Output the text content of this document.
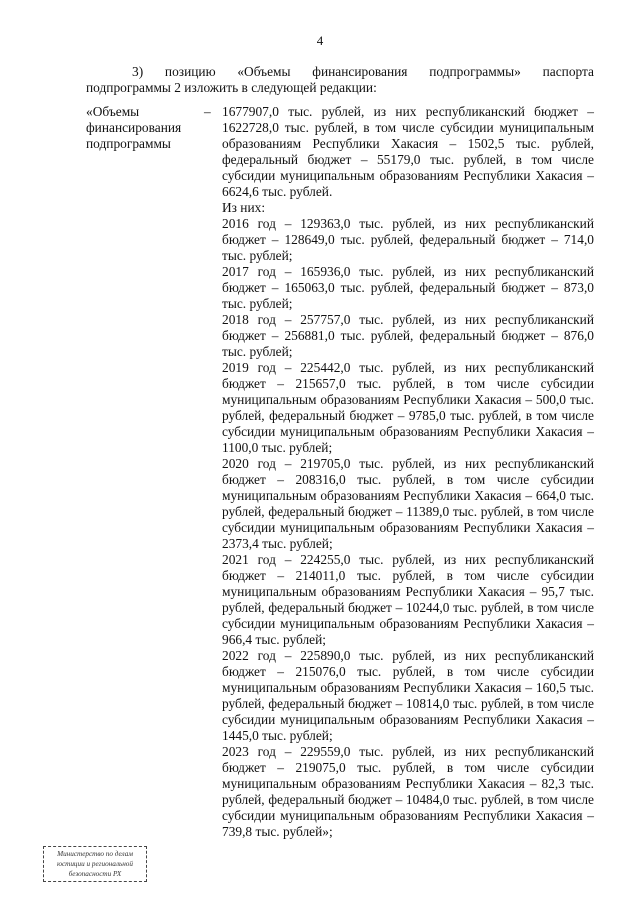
4
3) позицию «Объемы финансирования подпрограммы» паспорта
подпрограммы 2 изложить в следующей редакции:
«Объемы
финансирования
подпрограммы
– 1677907,0 тыс. рублей, из них республиканский бюджет – 1622728,0 тыс. рублей, в том числе субсидии муниципальным образованиям Республики Хакасия – 1502,5 тыс. рублей, федеральный бюджет – 55179,0 тыс. рублей, в том числе субсидии муниципальным образованиям Республики Хакасия – 6624,6 тыс. рублей.

Из них:

2016 год – 129363,0 тыс. рублей, из них республиканский бюджет – 128649,0 тыс. рублей, федеральный бюджет – 714,0 тыс. рублей;

2017 год – 165936,0 тыс. рублей, из них республиканский бюджет – 165063,0 тыс. рублей, федеральный бюджет – 873,0 тыс. рублей;

2018 год – 257757,0 тыс. рублей, из них республиканский бюджет – 256881,0 тыс. рублей, федеральный бюджет – 876,0 тыс. рублей;

2019 год – 225442,0 тыс. рублей, из них республиканский бюджет – 215657,0 тыс. рублей, в том числе субсидии муниципальным образованиям Республики Хакасия – 500,0 тыс. рублей, федеральный бюджет – 9785,0 тыс. рублей, в том числе субсидии муниципальным образованиям Республики Хакасия – 1100,0 тыс. рублей;

2020 год – 219705,0 тыс. рублей, из них республиканский бюджет – 208316,0 тыс. рублей, в том числе субсидии муниципальным образованиям Республики Хакасия – 664,0 тыс. рублей, федеральный бюджет – 11389,0 тыс. рублей, в том числе субсидии муниципальным образованиям Республики Хакасия – 2373,4 тыс. рублей;

2021 год – 224255,0 тыс. рублей, из них республиканский бюджет – 214011,0 тыс. рублей, в том числе субсидии муниципальным образованиям Республики Хакасия – 95,7 тыс. рублей, федеральный бюджет – 10244,0 тыс. рублей, в том числе субсидии муниципальным образованиям Республики Хакасия – 966,4 тыс. рублей;

2022 год – 225890,0 тыс. рублей, из них республиканский бюджет – 215076,0 тыс. рублей, в том числе субсидии муниципальным образованиям Республики Хакасия – 160,5 тыс. рублей, федеральный бюджет – 10814,0 тыс. рублей, в том числе субсидии муниципальным образованиям Республики Хакасия – 1445,0 тыс. рублей;

2023 год – 229559,0 тыс. рублей, из них республиканский бюджет – 219075,0 тыс. рублей, в том числе субсидии муниципальным образованиям Республики Хакасия – 82,3 тыс. рублей, федеральный бюджет – 10484,0 тыс. рублей, в том числе субсидии муниципальным образованиям Республики Хакасия – 739,8 тыс. рублей»;

Министерство по делам
юстиции и региональной
безопасности РХ
